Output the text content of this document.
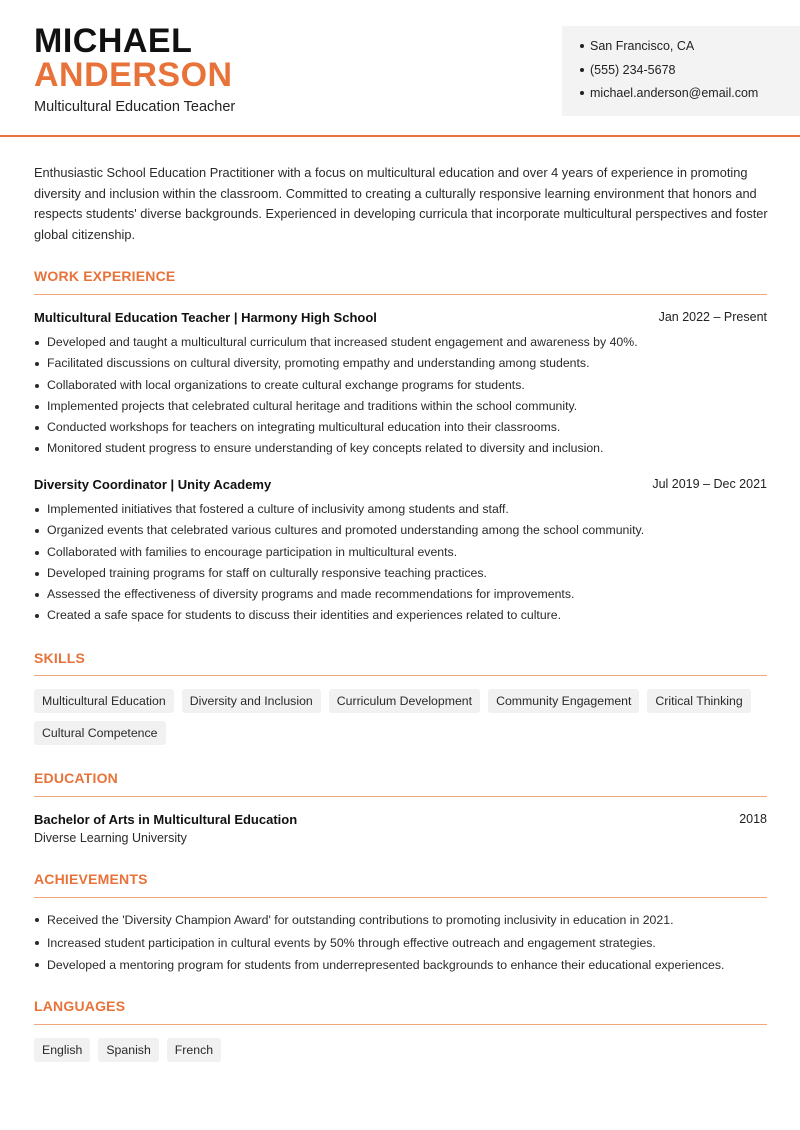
MICHAEL
ANDERSON
Multicultural Education Teacher
San Francisco, CA
(555) 234-5678
michael.anderson@email.com
Enthusiastic School Education Practitioner with a focus on multicultural education and over 4 years of experience in promoting diversity and inclusion within the classroom. Committed to creating a culturally responsive learning environment that honors and respects students' diverse backgrounds. Experienced in developing curricula that incorporate multicultural perspectives and foster global citizenship.
WORK EXPERIENCE
Multicultural Education Teacher | Harmony High School	Jan 2022 – Present
Developed and taught a multicultural curriculum that increased student engagement and awareness by 40%.
Facilitated discussions on cultural diversity, promoting empathy and understanding among students.
Collaborated with local organizations to create cultural exchange programs for students.
Implemented projects that celebrated cultural heritage and traditions within the school community.
Conducted workshops for teachers on integrating multicultural education into their classrooms.
Monitored student progress to ensure understanding of key concepts related to diversity and inclusion.
Diversity Coordinator | Unity Academy	Jul 2019 – Dec 2021
Implemented initiatives that fostered a culture of inclusivity among students and staff.
Organized events that celebrated various cultures and promoted understanding among the school community.
Collaborated with families to encourage participation in multicultural events.
Developed training programs for staff on culturally responsive teaching practices.
Assessed the effectiveness of diversity programs and made recommendations for improvements.
Created a safe space for students to discuss their identities and experiences related to culture.
SKILLS
Multicultural Education	Diversity and Inclusion	Curriculum Development	Community Engagement	Critical Thinking
Cultural Competence
EDUCATION
Bachelor of Arts in Multicultural Education	2018
Diverse Learning University
ACHIEVEMENTS
Received the 'Diversity Champion Award' for outstanding contributions to promoting inclusivity in education in 2021.
Increased student participation in cultural events by 50% through effective outreach and engagement strategies.
Developed a mentoring program for students from underrepresented backgrounds to enhance their educational experiences.
LANGUAGES
English	Spanish	French
